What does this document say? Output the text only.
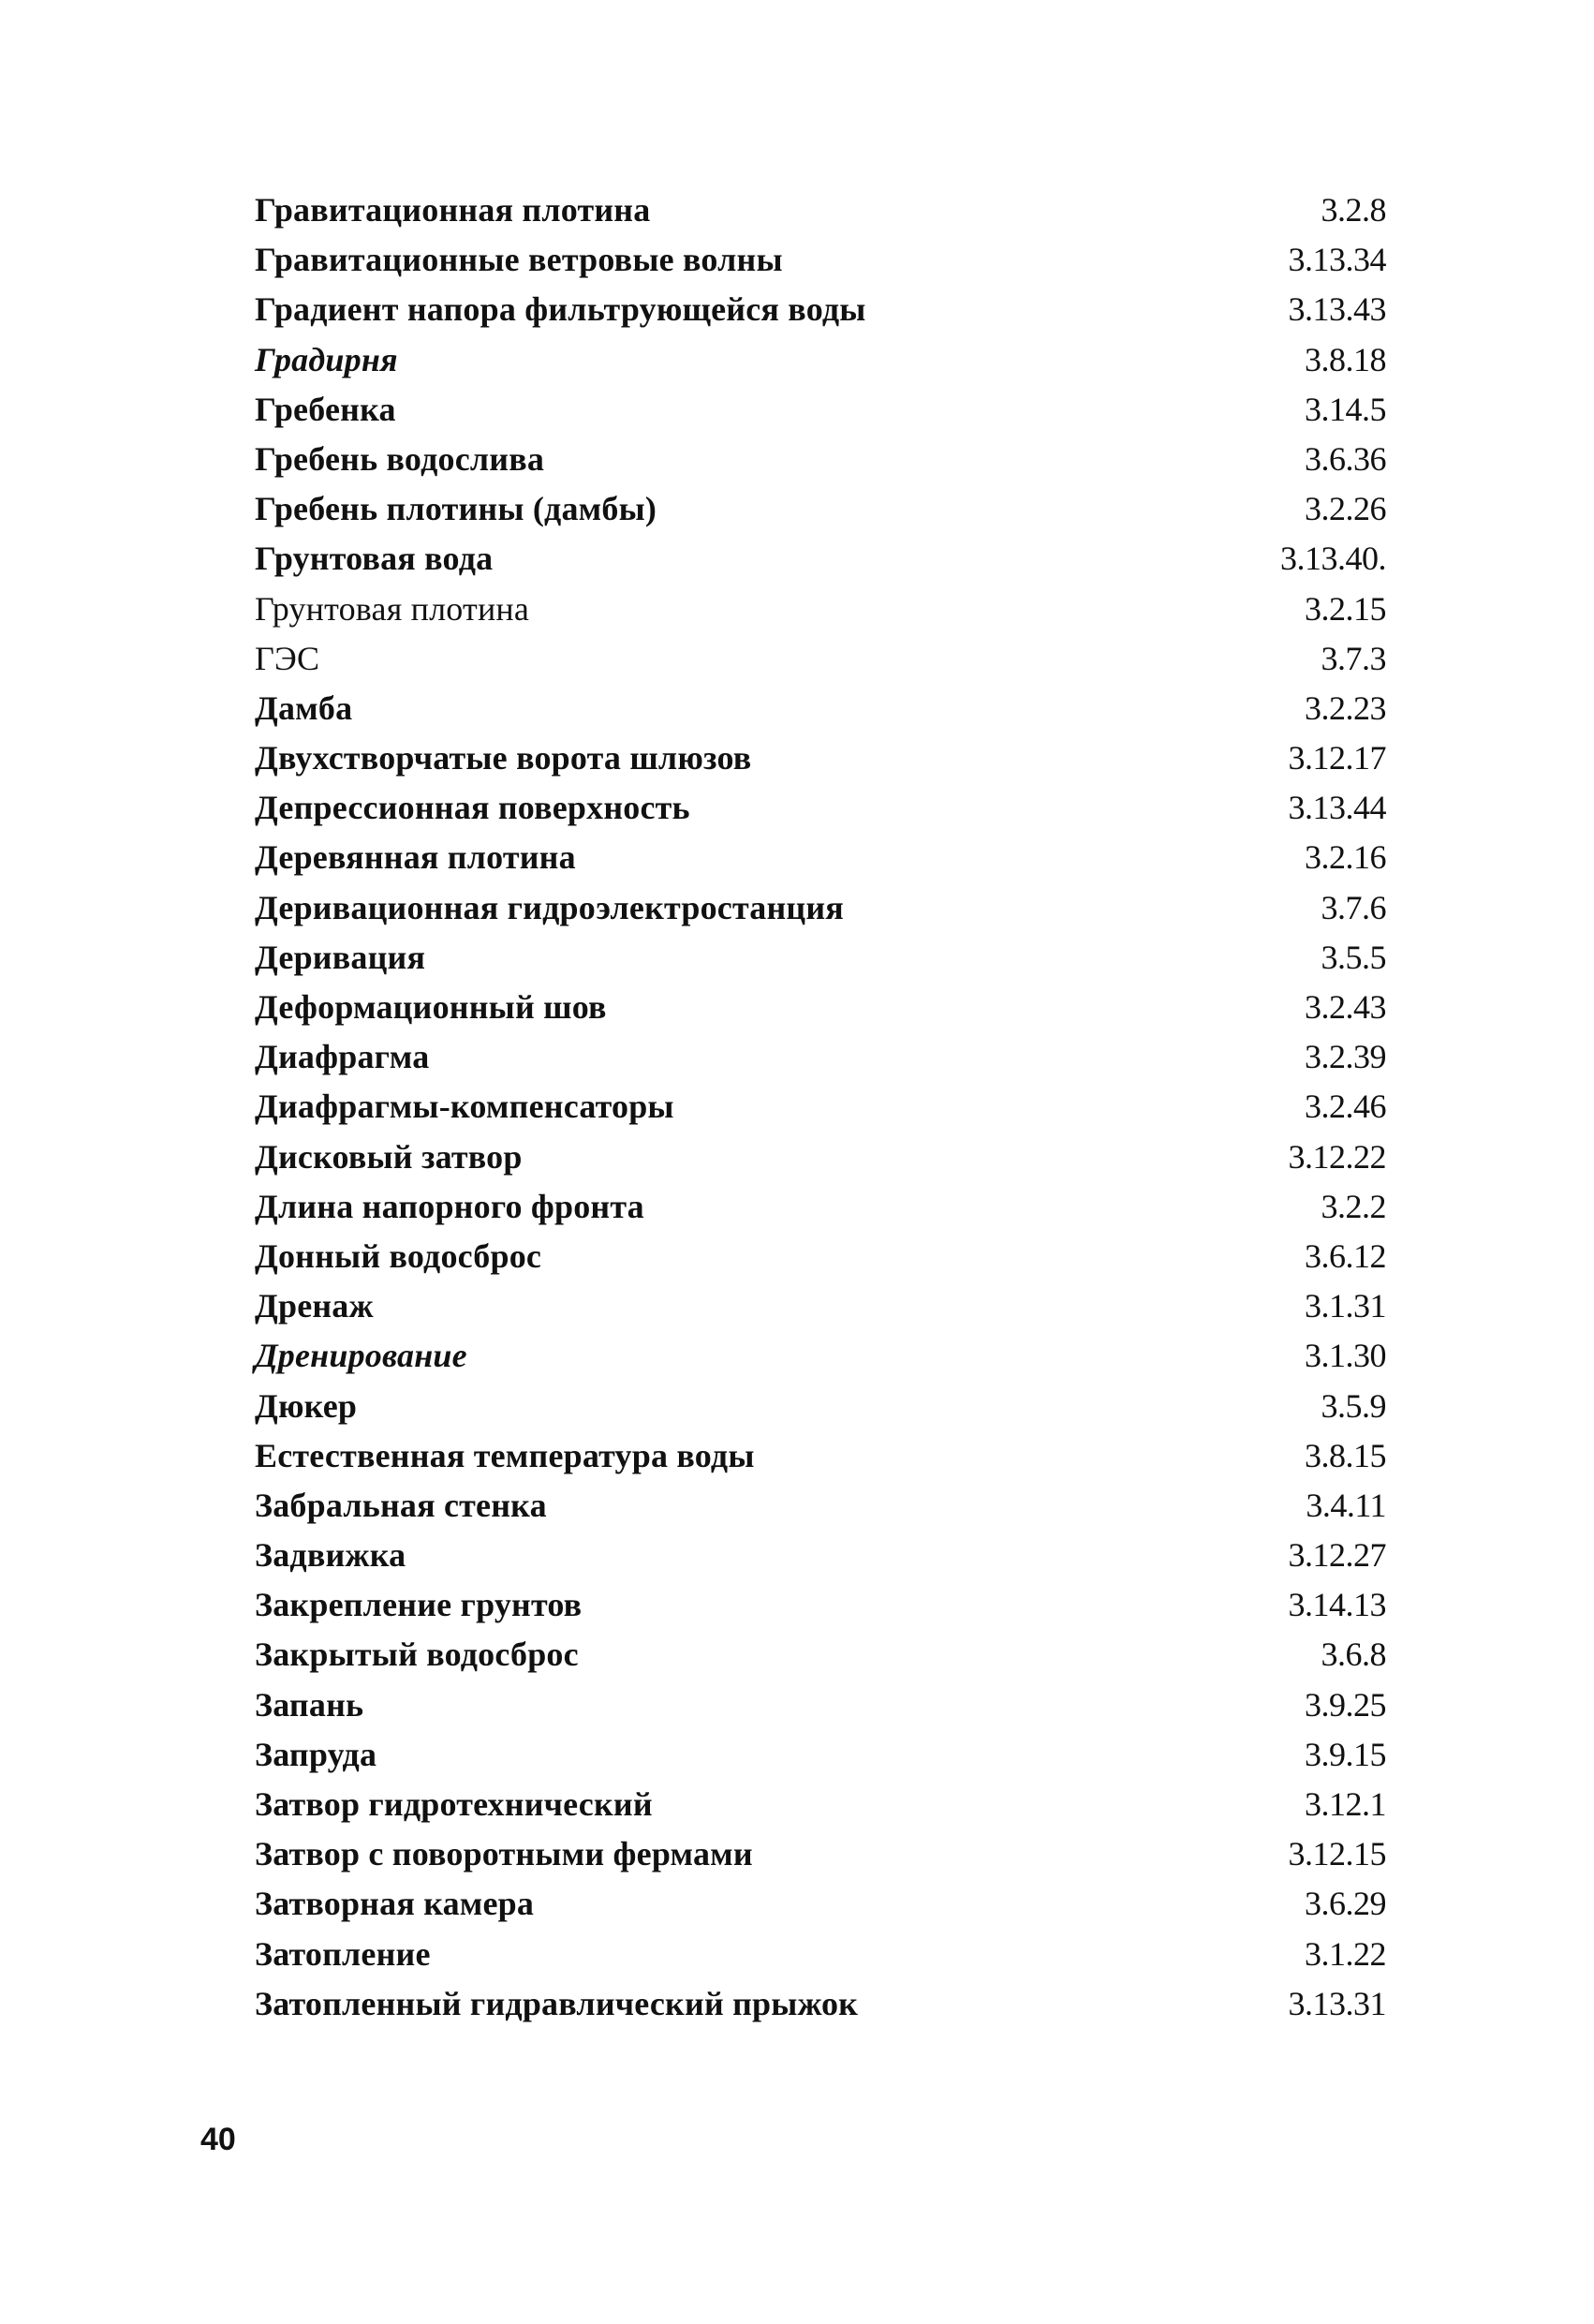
Гравитационная плотина	3.2.8
Гравитационные ветровые волны	3.13.34
Градиент напора фильтрующейся воды	3.13.43
Градирня	3.8.18
Гребенка	3.14.5
Гребень водослива	3.6.36
Гребень плотины (дамбы)	3.2.26
Грунтовая вода	3.13.40.
Грунтовая плотина	3.2.15
ГЭС	3.7.3
Дамба	3.2.23
Двухстворчатые ворота шлюзов	3.12.17
Депрессионная поверхность	3.13.44
Деревянная плотина	3.2.16
Деривационная гидроэлектростанция	3.7.6
Деривация	3.5.5
Деформационный шов	3.2.43
Диафрагма	3.2.39
Диафрагмы-компенсаторы	3.2.46
Дисковый затвор	3.12.22
Длина напорного фронта	3.2.2
Донный водосброс	3.6.12
Дренаж	3.1.31
Дренирование	3.1.30
Дюкер	3.5.9
Естественная температура воды	3.8.15
Забральная стенка	3.4.11
Задвижка	3.12.27
Закрепление грунтов	3.14.13
Закрытый водосброс	3.6.8
Запань	3.9.25
Запруда	3.9.15
Затвор гидротехнический	3.12.1
Затвор с поворотными фермами	3.12.15
Затворная камера	3.6.29
Затопление	3.1.22
Затопленный гидравлический прыжок	3.13.31
40
